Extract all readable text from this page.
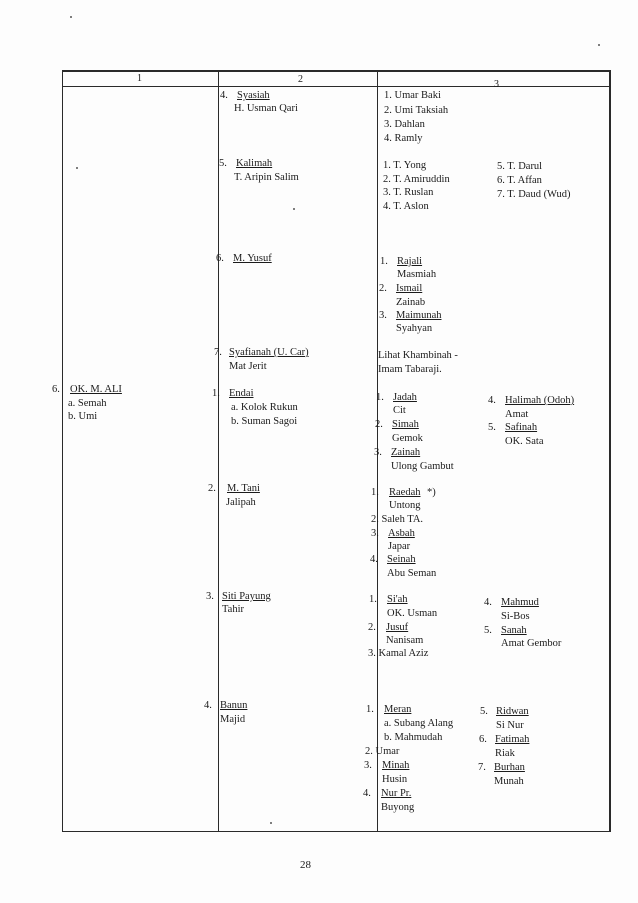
1	2	3
6. OK. M. ALI
a. Semah
b. Umi
4. Syasiah
H. Usman Qari
5. Kalimah
T. Aripin Salim
6. M. Yusuf
7. Syafianah (U. Car)
Mat Jerit
1. Endai
a. Kolok Rukun
b. Suman Sagoi
2. M. Tani
Jalipah
3. Siti Payung
Tahir
4. Banun
Majid
1. Umar Baki
2. Umi Taksiah
3. Dahlan
4. Ramly
1. T. Yong
2. T. Amiruddin
3. T. Ruslan
4. T. Aslon
5. T. Darul
6. T. Affan
7. T. Daud (Wud)
1. Rajali
Masmiah
2. Ismail
Zainab
3. Maimunah
Syahyan
Lihat Khambinah -
Imam Tabaraji.
1. Jadah
Cit
2. Simah
Gemok
3. Zainah
Ulong Gambut
4. Halimah (Odoh)
Amat
5. Safinah
OK. Sata
1. Raedah *)
Untong
2. Saleh TA.
3. Asbah
Japar
4. Seinah
Abu Seman
1. Si'ah
OK. Usman
2. Jusuf
Nanisam
3. Kamal Aziz
4. Mahmud
Si-Bos
5. Sanah
Amat Gembor
1. Meran
a. Subang Alang
b. Mahmudah
2. Umar
3. Minah
Husin
4. Nur Pr.
Buyong
5. Ridwan
Si Nur
6. Fatimah
Riak
7. Burhan
Munah
28
